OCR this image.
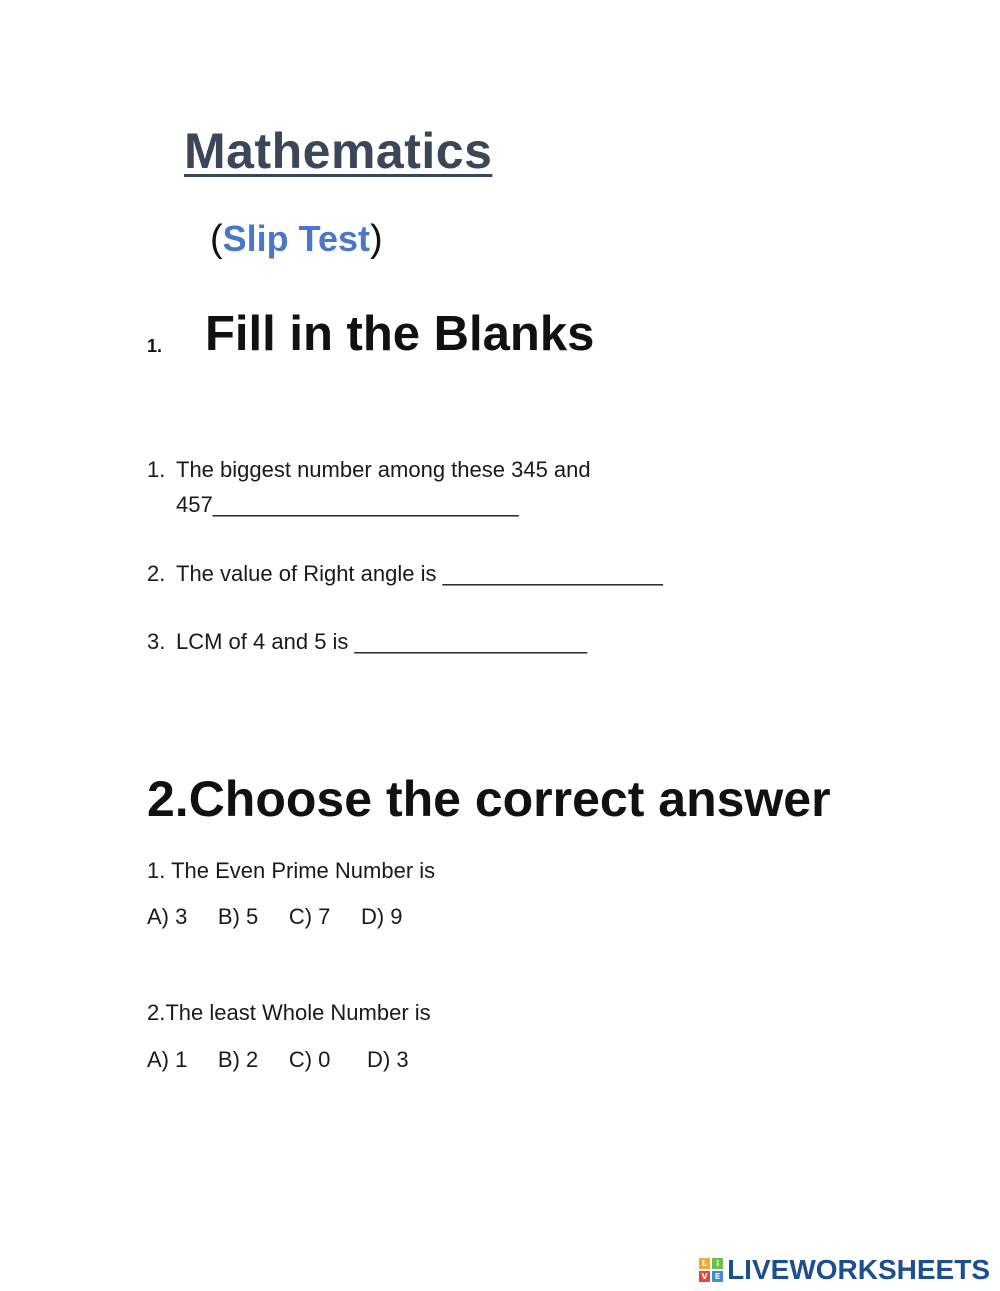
Mathematics
(Slip Test)
1. Fill in the Blanks
1. The biggest number among these 345 and
457_________________________
2. The value of Right angle is __________________
3. LCM of 4 and 5 is ___________________
2.Choose the correct answer
1. The Even Prime Number is
A) 3     B) 5     C) 7     D) 9
2.The least Whole Number is
A) 1     B) 2     C) 0      D) 3
L	I
V E LIVEWORKSHEETS
